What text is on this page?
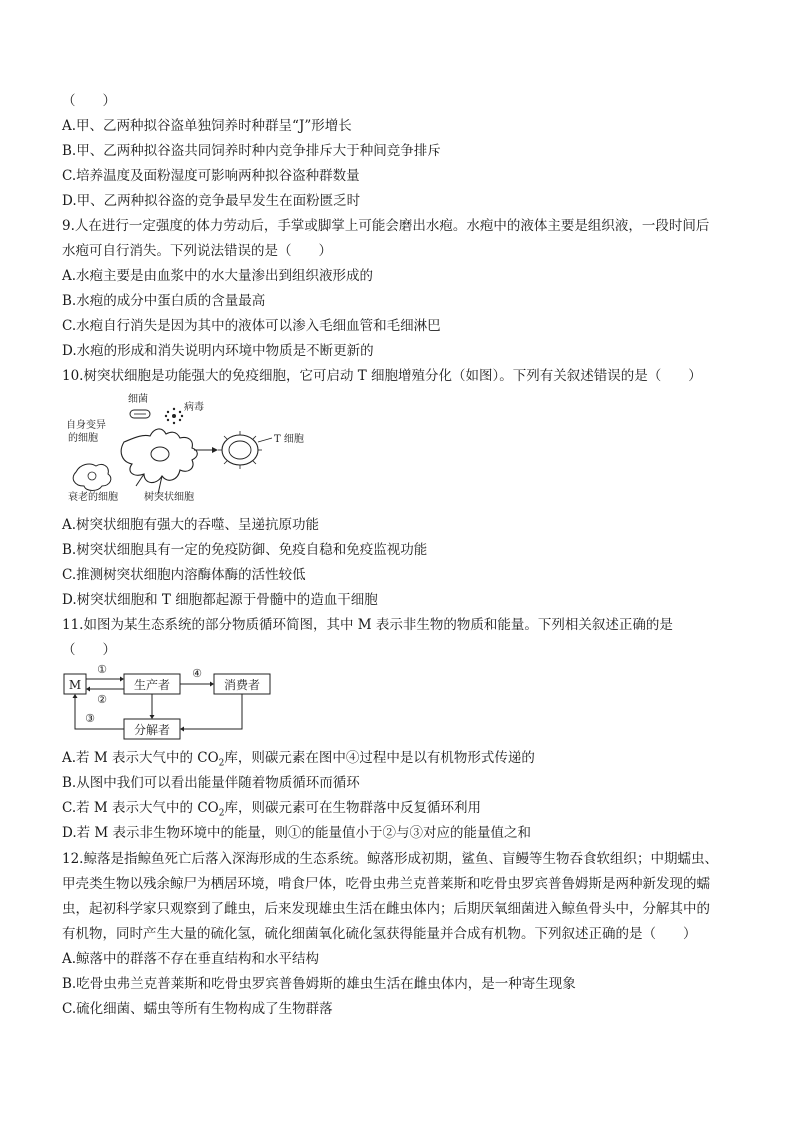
（　　）
A.甲、乙两种拟谷盗单独饲养时种群呈“J”形增长
B.甲、乙两种拟谷盗共同饲养时种内竞争排斥大于种间竞争排斥
C.培养温度及面粉湿度可影响两种拟谷盗种群数量
D.甲、乙两种拟谷盗的竞争最早发生在面粉匮乏时
9.人在进行一定强度的体力劳动后，手掌或脚掌上可能会磨出水疱。水疱中的液体主要是组织液，一段时间后
水疱可自行消失。下列说法错误的是（　　）
A.水疱主要是由血浆中的水大量渗出到组织液形成的
B.水疱的成分中蛋白质的含量最高
C.水疱自行消失是因为其中的液体可以渗入毛细血管和毛细淋巴
D.水疱的形成和消失说明内环境中物质是不断更新的
10.树突状细胞是功能强大的免疫细胞，它可启动 T 细胞增殖分化（如图）。下列有关叙述错误的是（　　）
细菌
病毒
自身变异
的细胞	T 细胞
衰老的细胞	树突状细胞
A.树突状细胞有强大的吞噬、呈递抗原功能
B.树突状细胞具有一定的免疫防御、免疫自稳和免疫监视功能
C.推测树突状细胞内溶酶体酶的活性较低
D.树突状细胞和 T 细胞都起源于骨髓中的造血干细胞
11.如图为某生态系统的部分物质循环简图，其中 M 表示非生物的物质和能量。下列相关叙述正确的是
（　　）
M	生产者	消费者
分解者
①
②
④
③
A.若 M 表示大气中的 $CO_2$库，则碳元素在图中④过程中是以有机物形式传递的
B.从图中我们可以看出能量伴随着物质循环而循环
C.若 M 表示大气中的 $CO_2$库，则碳元素可在生物群落中反复循环利用
D.若 M 表示非生物环境中的能量，则①的能量值小于②与③对应的能量值之和
12.鲸落是指鲸鱼死亡后落入深海形成的生态系统。鲸落形成初期，鲨鱼、盲鳗等生物吞食软组织；中期蠕虫、
甲壳类生物以残余鲸尸为栖居环境，啃食尸体，吃骨虫弗兰克普莱斯和吃骨虫罗宾普鲁姆斯是两种新发现的蠕
虫，起初科学家只观察到了雌虫，后来发现雄虫生活在雌虫体内；后期厌氧细菌进入鲸鱼骨头中，分解其中的
有机物，同时产生大量的硫化氢，硫化细菌氧化硫化氢获得能量并合成有机物。下列叙述正确的是（　　）
A.鲸落中的群落不存在垂直结构和水平结构
B.吃骨虫弗兰克普莱斯和吃骨虫罗宾普鲁姆斯的雄虫生活在雌虫体内，是一种寄生现象
C.硫化细菌、蠕虫等所有生物构成了生物群落
